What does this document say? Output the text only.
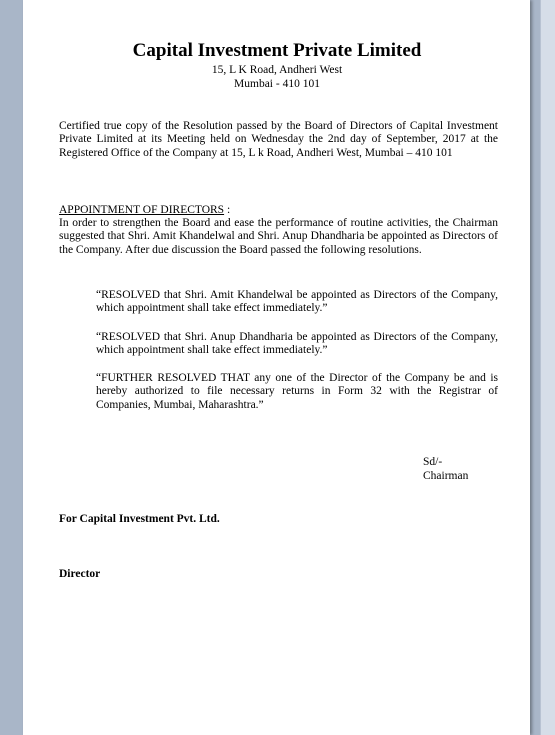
Capital Investment Private Limited
15, L K Road, Andheri West
Mumbai - 410 101

Certified true copy of the Resolution passed by the Board of Directors of Capital Investment Private Limited at its Meeting held on Wednesday the 2nd day of September, 2017 at the Registered Office of the Company at 15, L k Road, Andheri West, Mumbai – 410 101

APPOINTMENT OF DIRECTORS :

In order to strengthen the Board and ease the performance of routine activities, the Chairman suggested that Shri. Amit Khandelwal and Shri. Anup Dhandharia be appointed as Directors of the Company. After due discussion the Board passed the following resolutions.

“RESOLVED that Shri. Amit Khandelwal be appointed as Directors of the Company, which appointment shall take effect immediately.”

“RESOLVED that Shri. Anup Dhandharia be appointed as Directors of the Company, which appointment shall take effect immediately.”

“FURTHER RESOLVED THAT any one of the Director of the Company be and is hereby authorized to file necessary returns in Form 32 with the Registrar of Companies, Mumbai, Maharashtra.”

Sd/-
Chairman
For Capital Investment Pvt. Ltd.
Director
